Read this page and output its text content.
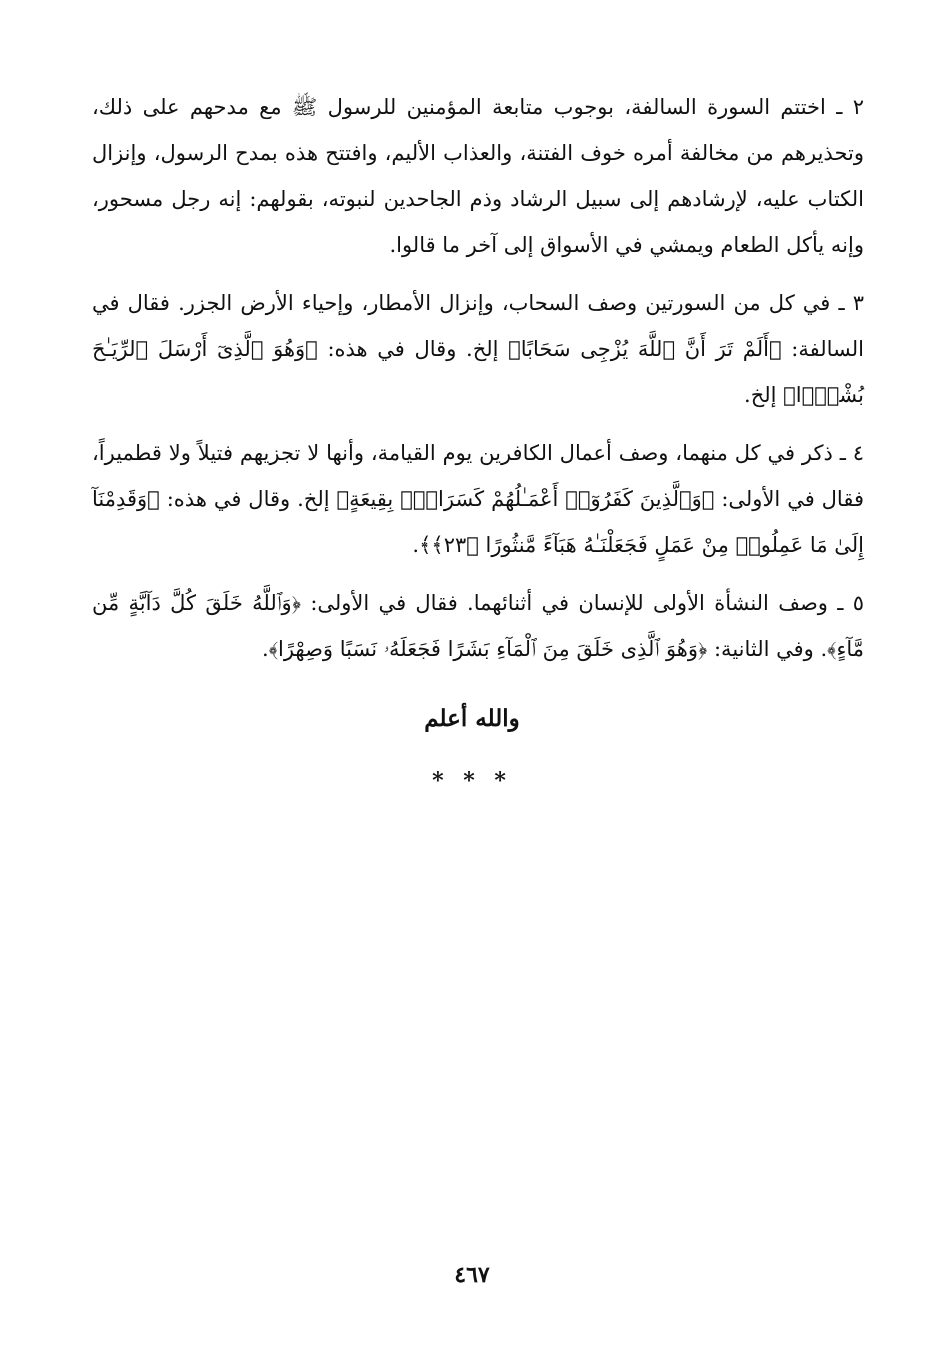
٢ ـ اختتم السورة السالفة، بوجوب متابعة المؤمنين للرسول ﷺ مع مدحهم على ذلك، وتحذيرهم من مخالفة أمره خوف الفتنة، والعذاب الأليم، وافتتح هذه بمدح الرسول، وإنزال الكتاب عليه، لإرشادهم إلى سبيل الرشاد وذم الجاحدين لنبوته، بقولهم: إنه رجل مسحور، وإنه يأكل الطعام ويمشي في الأسواق إلى آخر ما قالوا.

٣ ـ في كل من السورتين وصف السحاب، وإنزال الأمطار، وإحياء الأرض الجزر. فقال في السالفة: ﴿أَلَمْ تَرَ أَنَّ ٱللَّهَ يُزْجِى سَحَابًا﴾ إلخ. وقال في هذه: ﴿وَهُوَ ٱلَّذِىٓ أَرْسَلَ ٱلرِّيَـٰحَ بُشْرًۢا﴾ إلخ.

٤ ـ ذكر في كل منهما، وصف أعمال الكافرين يوم القيامة، وأنها لا تجزيهم فتيلاً ولا قطميراً، فقال في الأولى: ﴿وَٱلَّذِينَ كَفَرُوٓا۟ أَعْمَـٰلُهُمْ كَسَرَابٍۭ بِقِيعَةٍ﴾ إلخ. وقال في هذه: ﴿وَقَدِمْنَآ إِلَىٰ مَا عَمِلُوا۟ مِنْ عَمَلٍ فَجَعَلْنَـٰهُ هَبَآءً مَّنثُورًا ﴿٢٣﴾﴾.

٥ ـ وصف النشأة الأولى للإنسان في أثنائهما. فقال في الأولى: ﴿وَٱللَّهُ خَلَقَ كُلَّ دَآبَّةٍ مِّن مَّآءٍ﴾. وفي الثانية: ﴿وَهُوَ ٱلَّذِى خَلَقَ مِنَ ٱلْمَآءِ بَشَرًا فَجَعَلَهُۥ نَسَبًا وَصِهْرًا﴾.

والله أعلم
* * *
٤٦٧
